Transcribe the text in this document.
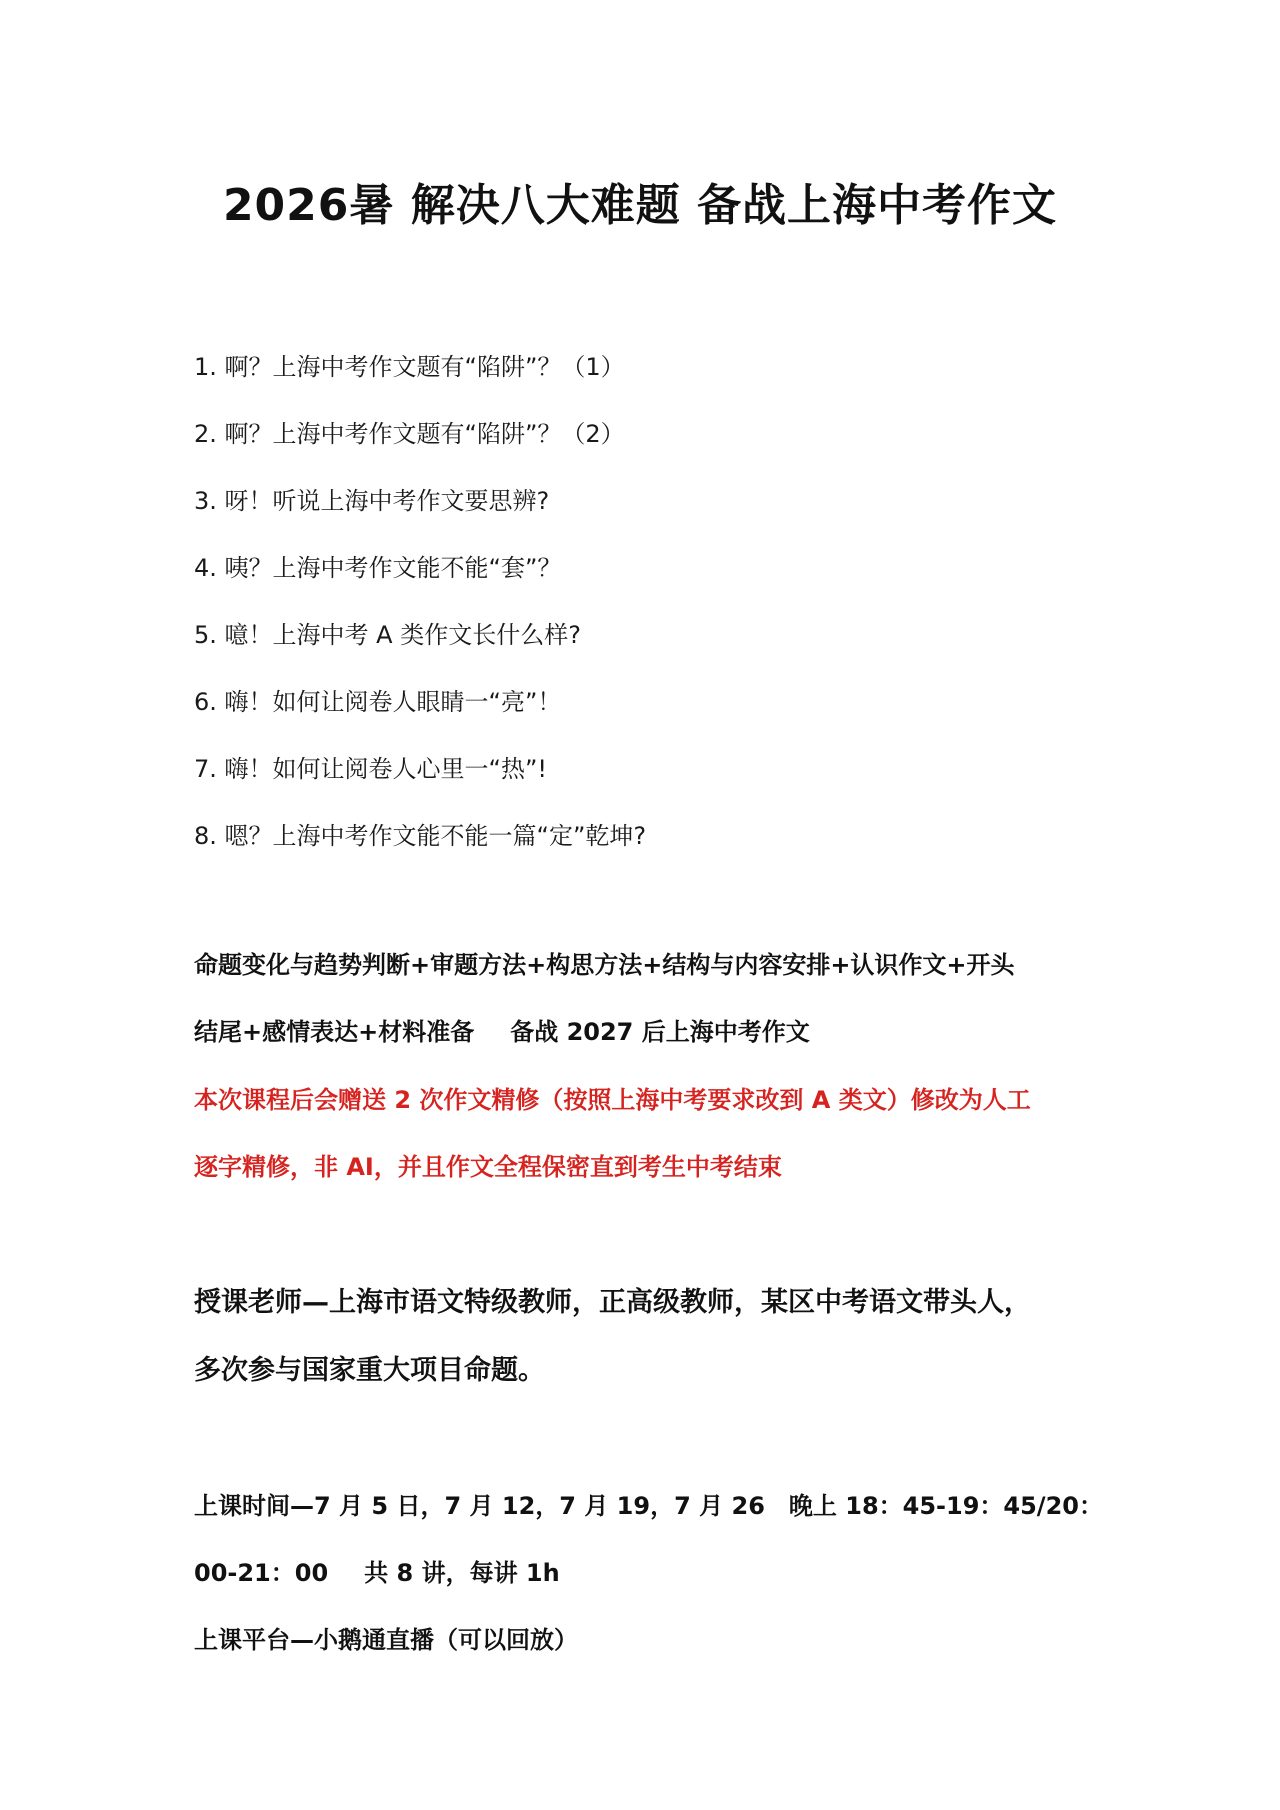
2026暑 解决八大难题 备战上海中考作文
1. 啊？上海中考作文题有“陷阱”？（1）
2. 啊？上海中考作文题有“陷阱”？（2）
3. 呀！听说上海中考作文要思辨?
4. 咦？上海中考作文能不能“套”？
5. 噫！上海中考 A 类作文长什么样?
6. 嗨！如何让阅卷人眼睛一“亮”！
7. 嗨！如何让阅卷人心里一“热”!
8. 嗯？上海中考作文能不能一篇“定”乾坤?
命题变化与趋势判断+审题方法+构思方法+结构与内容安排+认识作文+开头
结尾+感情表达+材料准备 备战 2027 后上海中考作文
本次课程后会赠送 2 次作文精修（按照上海中考要求改到 A 类文）修改为人工
逐字精修，非 AI，并且作文全程保密直到考生中考结束
授课老师—上海市语文特级教师，正高级教师，某区中考语文带头人，
多次参与国家重大项目命题。
上课时间—7 月 5 日，7 月 12，7 月 19，7 月 26　晚上 18：45-19：45/20：
00-21：00 共 8 讲，每讲 1h
上课平台—小鹅通直播（可以回放）
